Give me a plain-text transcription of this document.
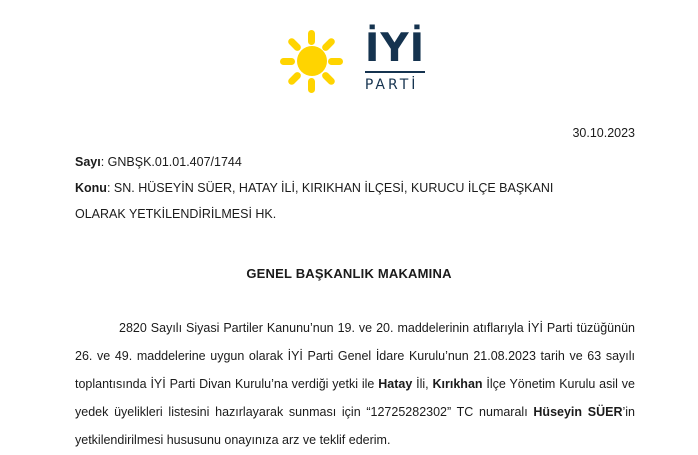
İYİ
PARTİ
30.10.2023
Sayı: GNBŞK.01.01.407/1744
Konu: SN. HÜSEYİN SÜER, HATAY İLİ, KIRIKHAN İLÇESİ, KURUCU İLÇE BAŞKANI
OLARAK YETKİLENDİRİLMESİ HK.
GENEL BAŞKANLIK MAKAMINA

2820 Sayılı Siyasi Partiler Kanunu’nun 19. ve 20. maddelerinin atıflarıyla İYİ Parti tüzüğünün 26. ve 49. maddelerine uygun olarak İYİ Parti Genel İdare Kurulu’nun 21.08.2023 tarih ve 63 sayılı toplantısında İYİ Parti Divan Kurulu’na verdiği yetki ile Hatay İli, Kırıkhan İlçe Yönetim Kurulu asil ve yedek üyelikleri listesini hazırlayarak sunması için “12725282302” TC numaralı Hüseyin SÜER’in yetkilendirilmesi hususunu onayınıza arz ve teklif ederim.
